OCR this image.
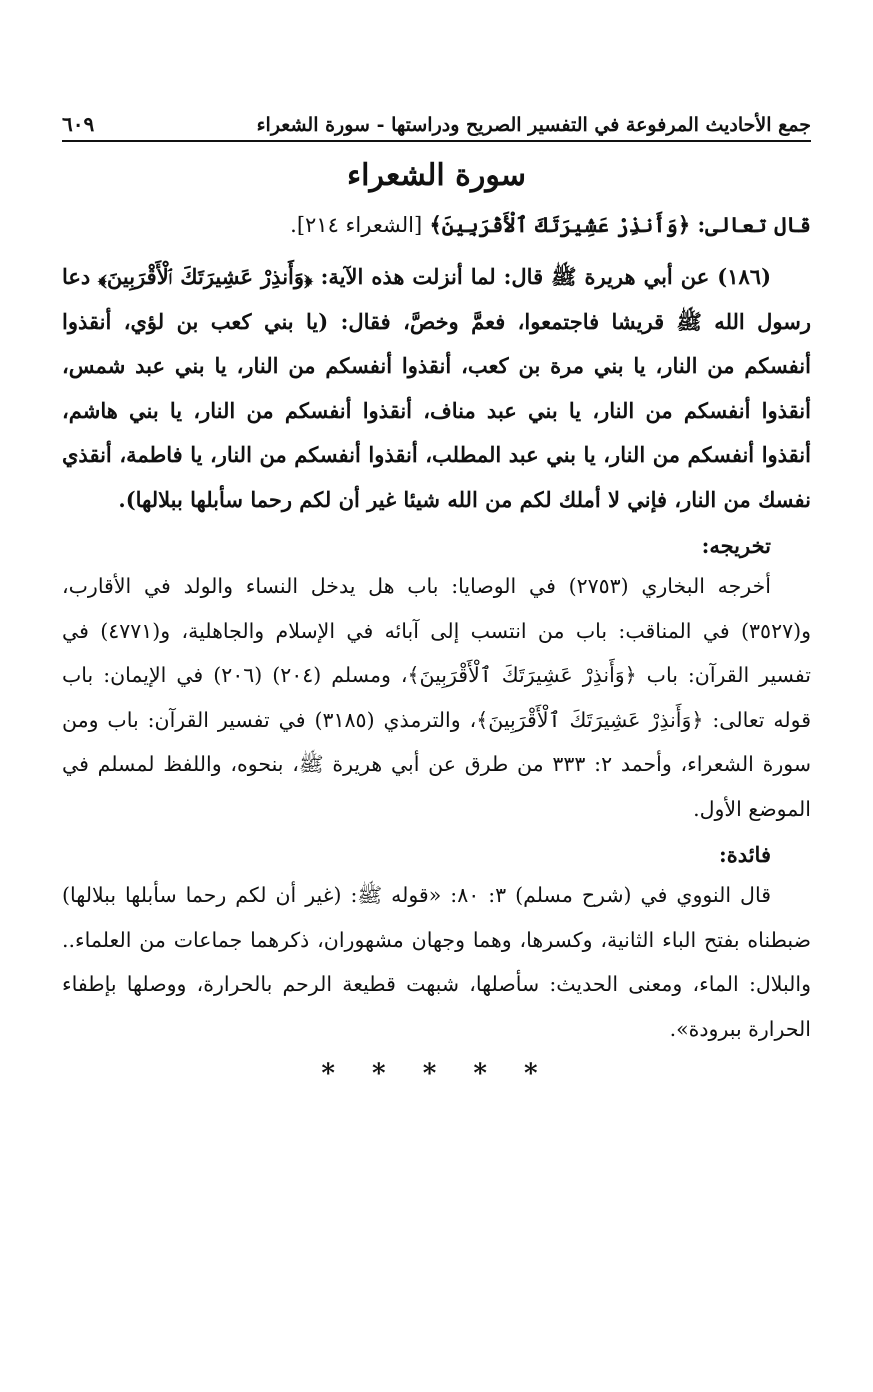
جمع الأحاديث المرفوعة في التفسير الصريح ودراستها - سورة الشعراء
٦٠٩
سورة الشعراء
قال تعالى: ﴿وَأَنذِرْ عَشِيرَتَكَ ٱلْأَقْرَبِينَ﴾ [الشعراء ٢١٤].

(١٨٦) عن أبي هريرة ﷺ قال: لما أنزلت هذه الآية: ﴿وَأَنذِرْ عَشِيرَتَكَ ٱلْأَقْرَبِينَ﴾ دعا رسول الله ﷺ قريشا فاجتمعوا، فعمَّ وخصَّ، فقال: (يا بني كعب بن لؤي، أنقذوا أنفسكم من النار، يا بني مرة بن كعب، أنقذوا أنفسكم من النار، يا بني عبد شمس، أنقذوا أنفسكم من النار، يا بني عبد مناف، أنقذوا أنفسكم من النار، يا بني هاشم، أنقذوا أنفسكم من النار، يا بني عبد المطلب، أنقذوا أنفسكم من النار، يا فاطمة، أنقذي نفسك من النار، فإني لا أملك لكم من الله شيئا غير أن لكم رحما سأبلها ببلالها).

تخريجه:

أخرجه البخاري (٢٧٥٣) في الوصايا: باب هل يدخل النساء والولد في الأقارب، و(٣٥٢٧) في المناقب: باب من انتسب إلى آبائه في الإسلام والجاهلية، و(٤٧٧١) في تفسير القرآن: باب ﴿وَأَنذِرْ عَشِيرَتَكَ ٱلْأَقْرَبِينَ﴾، ومسلم (٢٠٤) (٢٠٦) في الإيمان: باب قوله تعالى: ﴿وَأَنذِرْ عَشِيرَتَكَ ٱلْأَقْرَبِينَ﴾، والترمذي (٣١٨٥) في تفسير القرآن: باب ومن سورة الشعراء، وأحمد ٢: ٣٣٣ من طرق عن أبي هريرة ﷺ، بنحوه، واللفظ لمسلم في الموضع الأول.

فائدة:

قال النووي في (شرح مسلم) ٣: ٨٠: «قوله ﷺ: (غير أن لكم رحما سأبلها ببلالها) ضبطناه بفتح الباء الثانية، وكسرها، وهما وجهان مشهوران، ذكرهما جماعات من العلماء.. والبلال: الماء، ومعنى الحديث: سأصلها، شبهت قطيعة الرحم بالحرارة، ووصلها بإطفاء الحرارة ببرودة».

* * * * *
